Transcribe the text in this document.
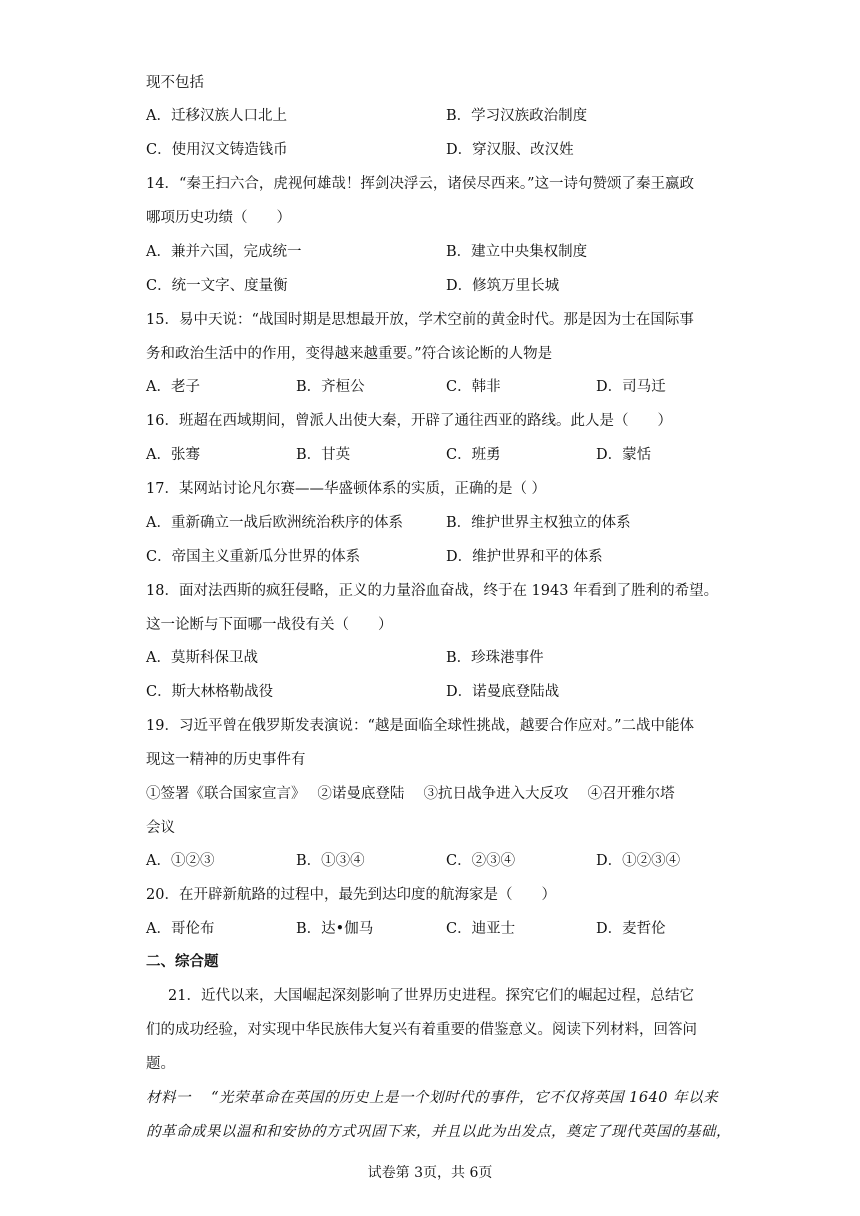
现不包括
A．迁移汉族人口北上	B．学习汉族政治制度
C．使用汉文铸造钱币	D．穿汉服、改汉姓
14．“秦王扫六合，虎视何雄哉！挥剑决浮云，诸侯尽西来。”这一诗句赞颂了秦王嬴政
哪项历史功绩（　　）
A．兼并六国，完成统一	B．建立中央集权制度
C．统一文字、度量衡	D．修筑万里长城
15．易中天说：“战国时期是思想最开放，学术空前的黄金时代。那是因为士在国际事
务和政治生活中的作用，变得越来越重要。”符合该论断的人物是
A．老子	B．齐桓公	C．韩非	D．司马迁
16．班超在西域期间，曾派人出使大秦，开辟了通往西亚的路线。此人是（　　）
A．张骞	B．甘英	C．班勇	D．蒙恬
17．某网站讨论凡尔赛——华盛顿体系的实质，正确的是（ ）
A．重新确立一战后欧洲统治秩序的体系	B．维护世界主权独立的体系
C．帝国主义重新瓜分世界的体系	D．维护世界和平的体系
18．面对法西斯的疯狂侵略，正义的力量浴血奋战，终于在 1943 年看到了胜利的希望。
这一论断与下面哪一战役有关（　　）
A．莫斯科保卫战	B．珍珠港事件
C．斯大林格勒战役	D．诺曼底登陆战
19．习近平曾在俄罗斯发表演说：“越是面临全球性挑战，越要合作应对。”二战中能体
现这一精神的历史事件有
①签署《联合国家宣言》　 ②诺曼底登陆　 ③抗日战争进入大反攻　 ④召开雅尔塔
会议
A．①②③	B．①③④	C．②③④	D．①②③④
20．在开辟新航路的过程中，最先到达印度的航海家是（　　）
A．哥伦布	B．达•伽马	C．迪亚士	D．麦哲伦
二、综合题
21．近代以来，大国崛起深刻影响了世界历史进程。探究它们的崛起过程，总结它
们的成功经验，对实现中华民族伟大复兴有着重要的借鉴意义。阅读下列材料，回答问
题。
材料一　 “光荣革命在英国的历史上是一个划时代的事件，它不仅将英国 1640 年以来
的革命成果以温和和安协的方式巩固下来，并且以此为出发点，奠定了现代英国的基础，
试卷第 3页，共 6页
